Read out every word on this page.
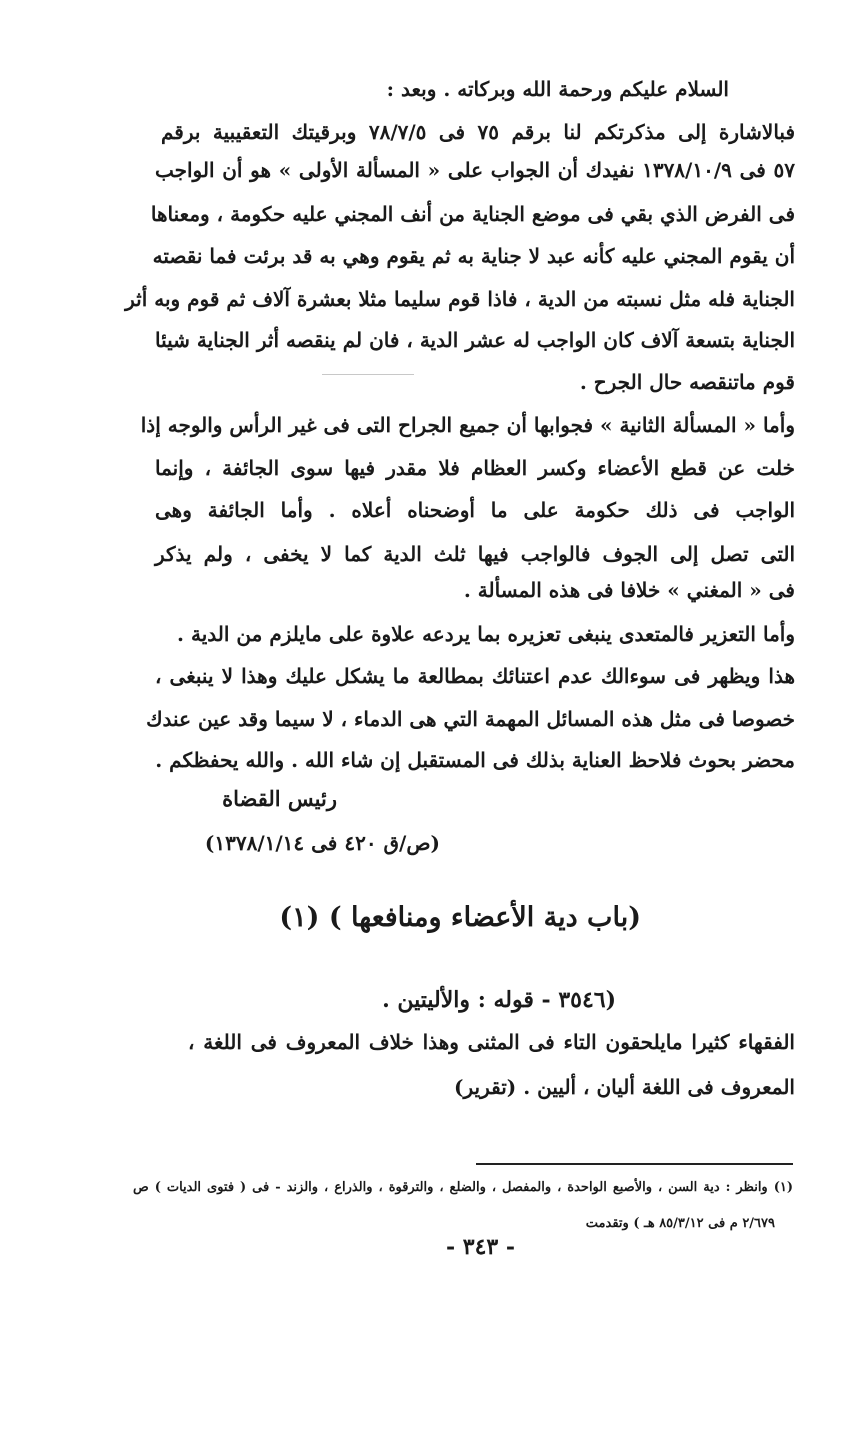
السلام عليكم ورحمة الله وبركاته . وبعد :
فبالاشارة إلى مذكرتكم لنا برقم ٧٥ فى ٧٨/٧/٥ وبرقيتك التعقيبية برقم
٥٧ فى ١٣٧٨/١٠/٩ نفيدك أن الجواب على « المسألة الأولى » هو أن الواجب
فى الفرض الذي بقي فى موضع الجناية من أنف المجني عليه حكومة ، ومعناها
أن يقوم المجني عليه كأنه عبد لا جناية به ثم يقوم وهي به قد برئت فما نقصته
الجناية فله مثل نسبته من الدية ، فاذا قوم سليما مثلا بعشرة آلاف ثم قوم وبه أثر
الجناية بتسعة آلاف كان الواجب له عشر الدية ، فان لم ينقصه أثر الجناية شيئا
قوم ماتنقصه حال الجرح .
وأما « المسألة الثانية » فجوابها أن جميع الجراح التى فى غير الرأس والوجه إذا
خلت عن قطع الأعضاء وكسر العظام فلا مقدر فيها سوى الجائفة ، وإنما
الواجب فى ذلك حكومة على ما أوضحناه أعلاه . وأما الجائفة وهى
التى تصل إلى الجوف فالواجب فيها ثلث الدية كما لا يخفى ، ولم يذكر
فى « المغني » خلافا فى هذه المسألة .
وأما التعزير فالمتعدى ينبغى تعزيره بما يردعه علاوة على مايلزم من الدية .
هذا ويظهر فى سوءالك عدم اعتنائك بمطالعة ما يشكل عليك وهذا لا ينبغى ،
خصوصا فى مثل هذه المسائل المهمة التي هى الدماء ، لا سيما وقد عين عندك
محضر بحوث فلاحظ العناية بذلك فى المستقبل إن شاء الله . والله يحفظكم .
رئيس القضاة
(ص/ق ٤٢٠ فى ١٣٧٨/١/١٤)
(باب دية الأعضاء ومنافعها ) (١)
(٣٥٤٦ - قوله : والأليتين .
الفقهاء كثيرا مايلحقون التاء فى المثنى وهذا خلاف المعروف فى اللغة ،
المعروف فى اللغة أليان ، أليين . (تقرير)
(١) وانظر : دية السن ، والأصبع الواحدة ، والمفصل ، والضلع ، والترقوة ، والذراع ، والزند - فى ( فتوى الديات ) ص
٢/٦٧٩ م فى ٨٥/٣/١٢ هـ ) وتقدمت
- ٣٤٣ -
